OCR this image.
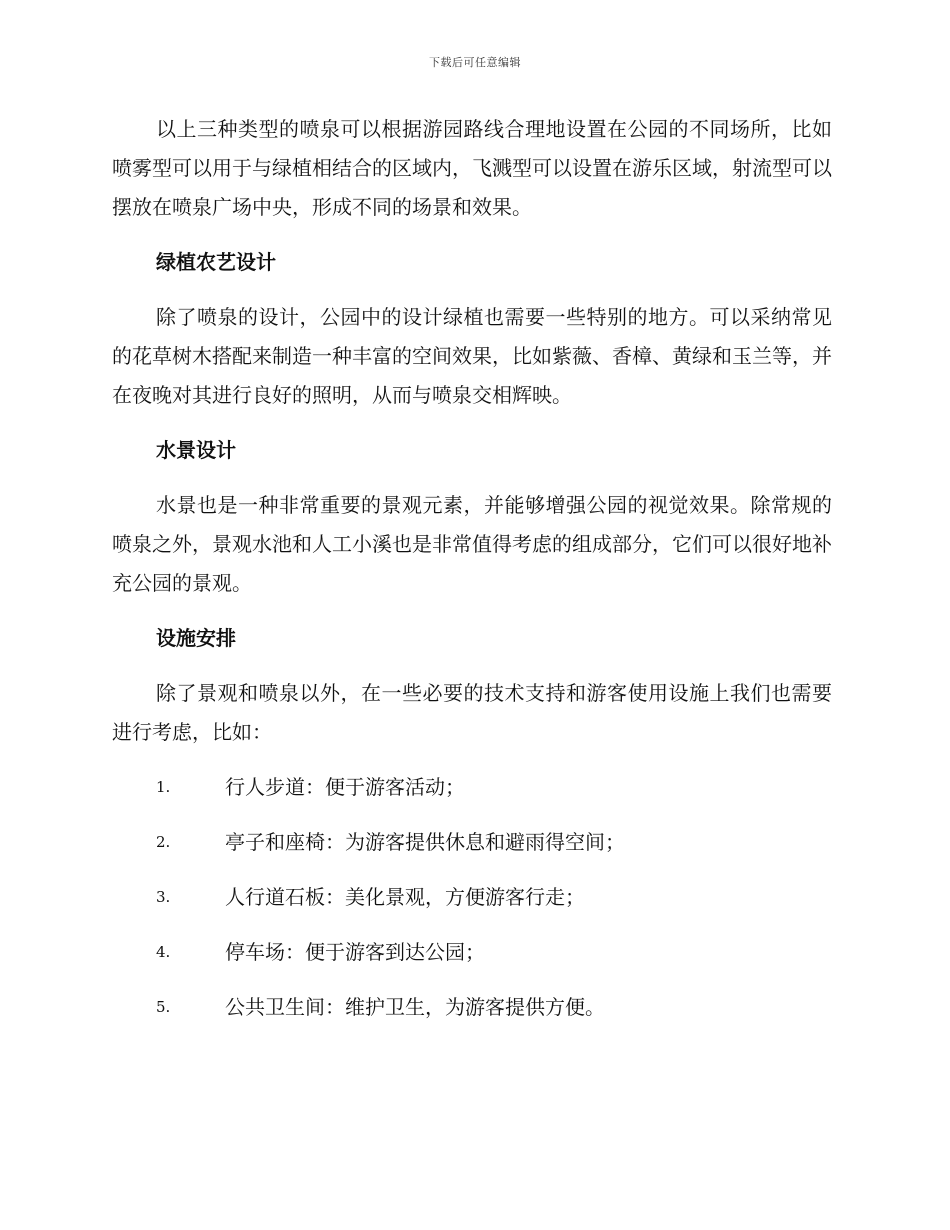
下载后可任意编辑

以上三种类型的喷泉可以根据游园路线合理地设置在公园的不同场所，比如喷雾型可以用于与绿植相结合的区域内，飞溅型可以设置在游乐区域，射流型可以摆放在喷泉广场中央，形成不同的场景和效果。

绿植农艺设计

除了喷泉的设计，公园中的设计绿植也需要一些特别的地方。可以采纳常见的花草树木搭配来制造一种丰富的空间效果，比如紫薇、香樟、黄绿和玉兰等，并在夜晚对其进行良好的照明，从而与喷泉交相辉映。

水景设计

水景也是一种非常重要的景观元素，并能够增强公园的视觉效果。除常规的喷泉之外，景观水池和人工小溪也是非常值得考虑的组成部分，它们可以很好地补充公园的景观。

设施安排

除了景观和喷泉以外，在一些必要的技术支持和游客使用设施上我们也需要进行考虑，比如：

1.	行人步道：便于游客活动；
2.	亭子和座椅：为游客提供休息和避雨得空间；
3.	人行道石板：美化景观，方便游客行走；
4.	停车场：便于游客到达公园；
5.	公共卫生间：维护卫生，为游客提供方便。
